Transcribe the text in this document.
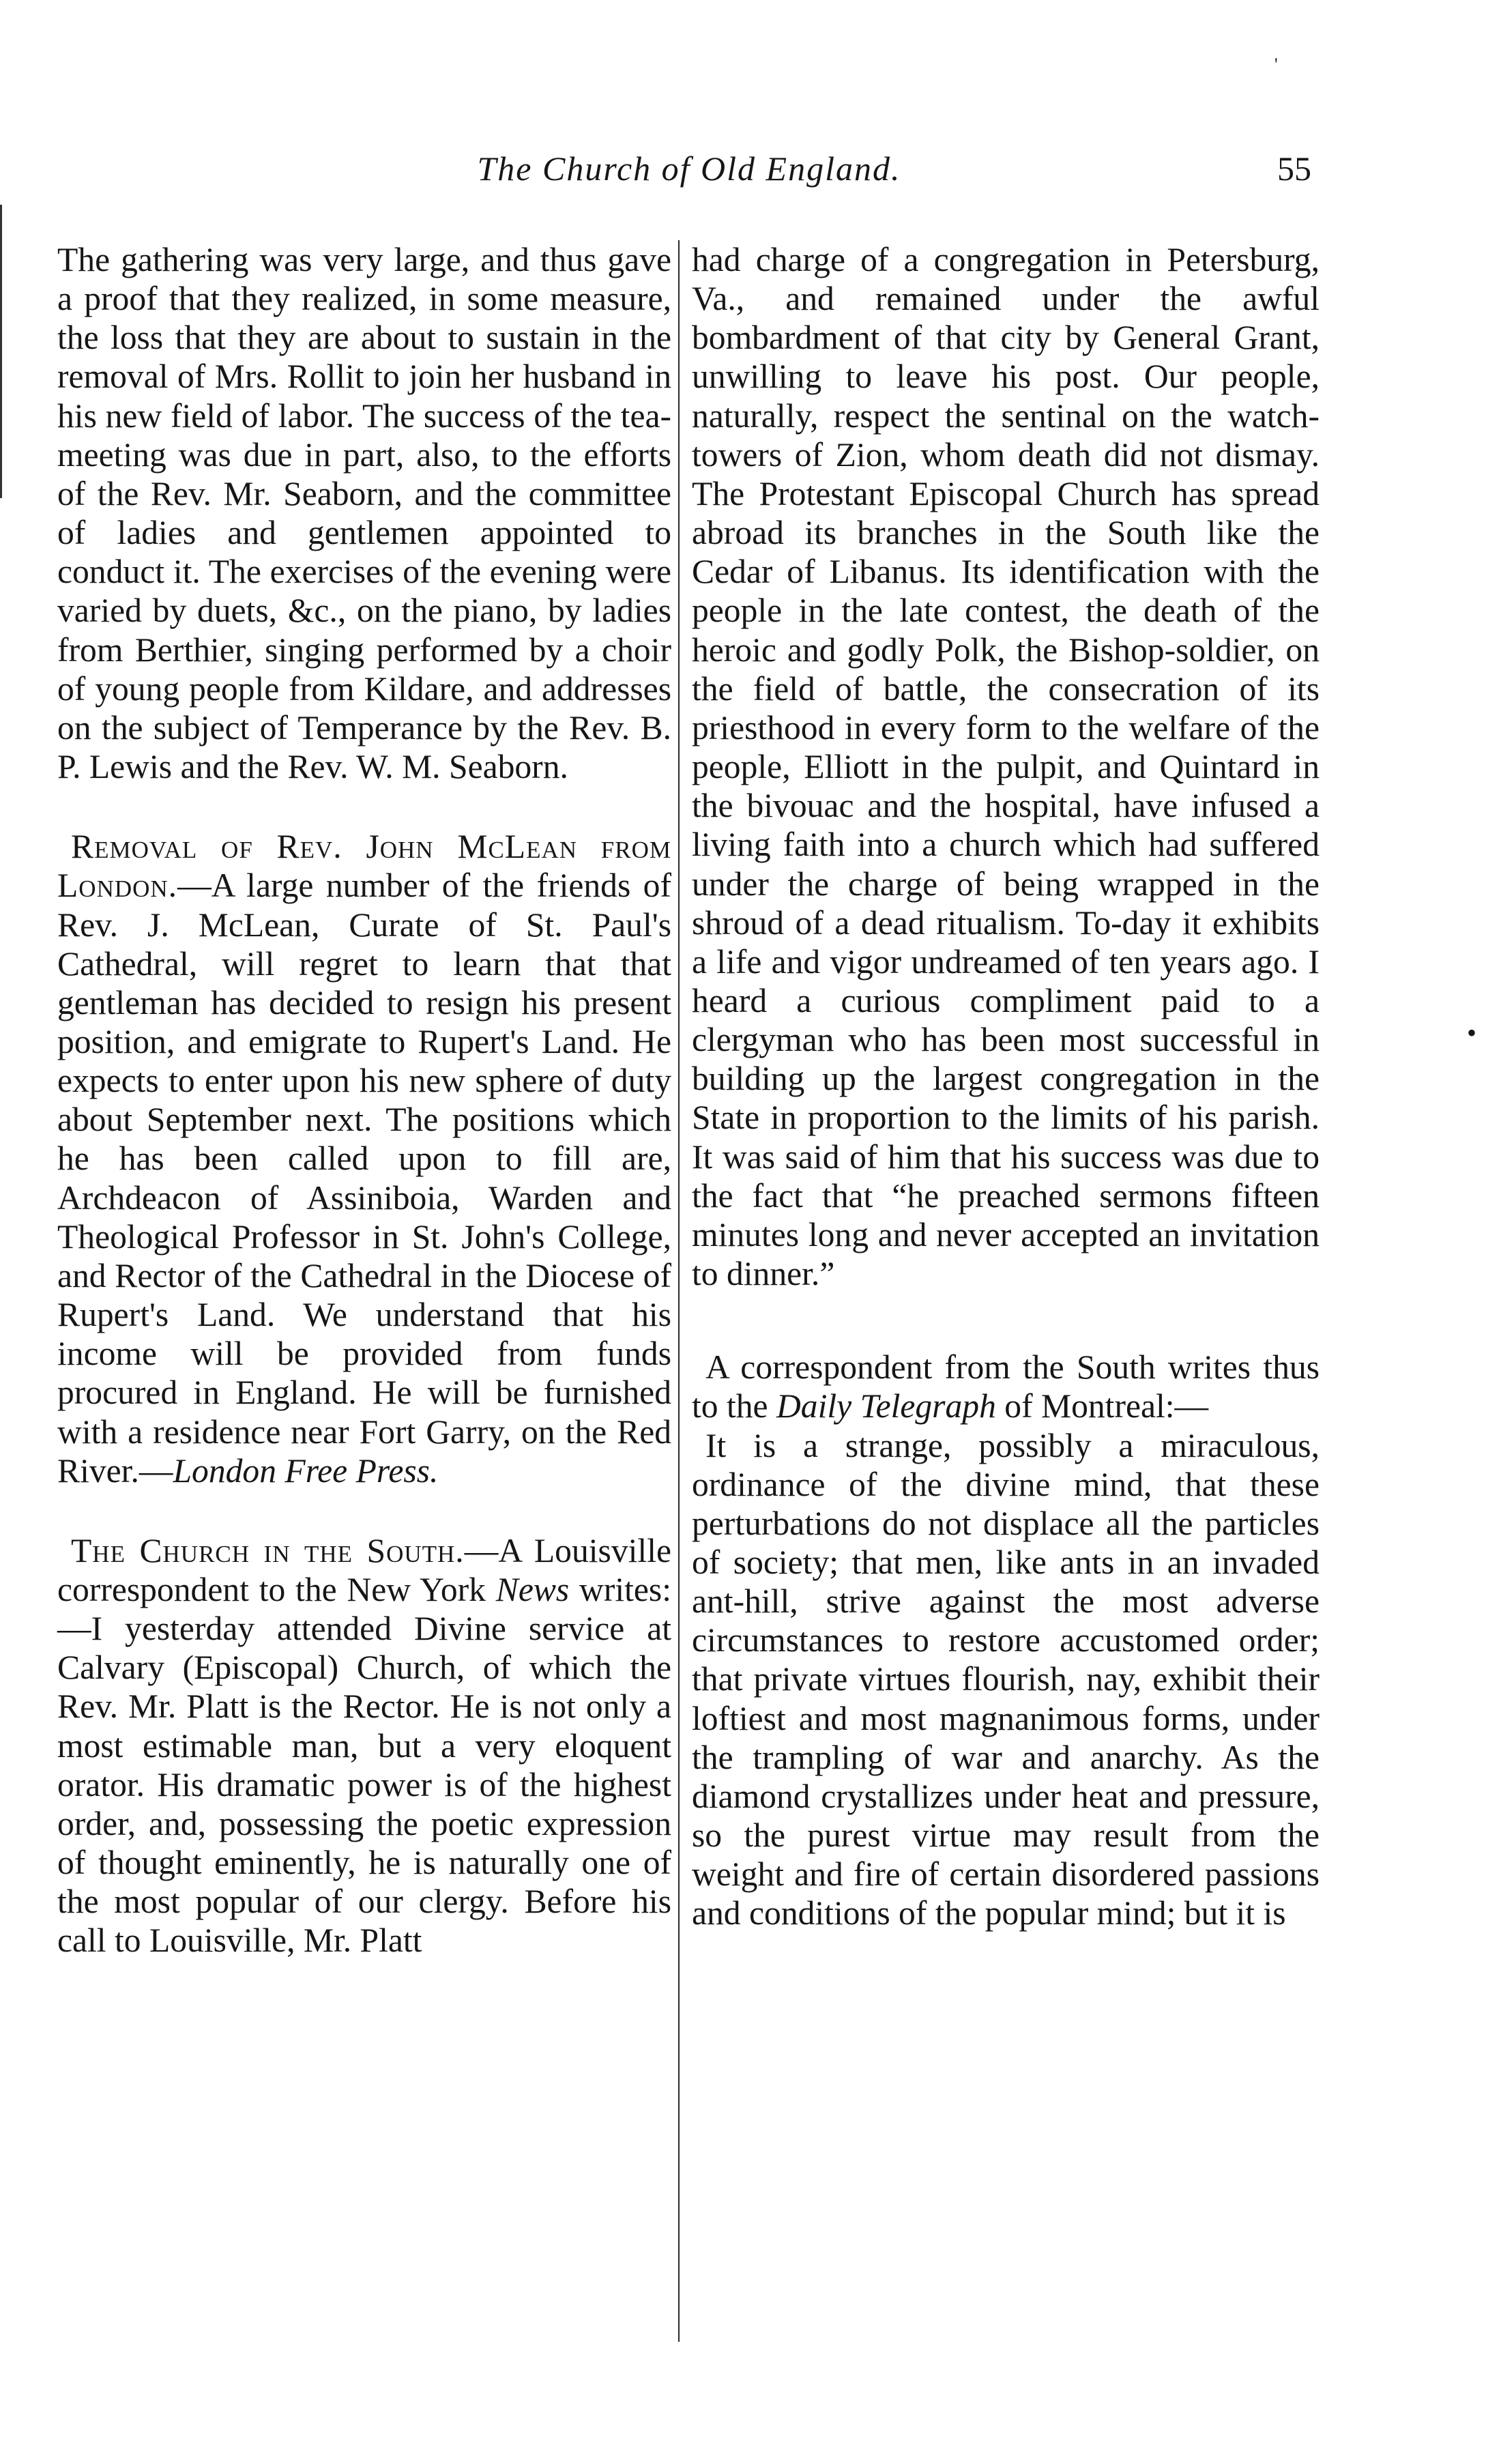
The Church of Old England.	55

The gathering was very large, and thus gave a proof that they realized, in some measure, the loss that they are about to sustain in the removal of Mrs. Rollit to join her husband in his new field of labor. The success of the tea-meeting was due in part, also, to the efforts of the Rev. Mr. Seaborn, and the committee of ladies and gentlemen appointed to conduct it. The exercises of the evening were varied by duets, &c., on the piano, by ladies from Berthier, singing performed by a choir of young people from Kildare, and addresses on the subject of Temperance by the Rev. B. P. Lewis and the Rev. W. M. Seaborn.

Removal of Rev. John McLean from London.—A large number of the friends of Rev. J. McLean, Curate of St. Paul's Cathedral, will regret to learn that that gentleman has decided to resign his present position, and emigrate to Rupert's Land. He expects to enter upon his new sphere of duty about September next. The positions which he has been called upon to fill are, Archdeacon of Assiniboia, Warden and Theological Professor in St. John's College, and Rector of the Cathedral in the Diocese of Rupert's Land. We understand that his income will be provided from funds procured in England. He will be furnished with a residence near Fort Garry, on the Red River.—London Free Press.

The Church in the South.—A Louisville correspondent to the New York News writes:—I yesterday attended Divine service at Calvary (Episcopal) Church, of which the Rev. Mr. Platt is the Rector. He is not only a most estimable man, but a very eloquent orator. His dramatic power is of the highest order, and, possessing the poetic expression of thought eminently, he is naturally one of the most popular of our clergy. Before his call to Louisville, Mr. Platt

had charge of a congregation in Petersburg, Va., and remained under the awful bombardment of that city by General Grant, unwilling to leave his post. Our people, naturally, respect the sentinal on the watch-towers of Zion, whom death did not dismay. The Protestant Episcopal Church has spread abroad its branches in the South like the Cedar of Libanus. Its identification with the people in the late contest, the death of the heroic and godly Polk, the Bishop-soldier, on the field of battle, the consecration of its priesthood in every form to the welfare of the people, Elliott in the pulpit, and Quintard in the bivouac and the hospital, have infused a living faith into a church which had suffered under the charge of being wrapped in the shroud of a dead ritualism. To-day it exhibits a life and vigor undreamed of ten years ago. I heard a curious compliment paid to a clergyman who has been most successful in building up the largest congregation in the State in proportion to the limits of his parish. It was said of him that his success was due to the fact that “he preached sermons fifteen minutes long and never accepted an invitation to dinner.”

A correspondent from the South writes thus to the Daily Telegraph of Montreal:—

It is a strange, possibly a miraculous, ordinance of the divine mind, that these perturbations do not displace all the particles of society; that men, like ants in an invaded ant-hill, strive against the most adverse circumstances to restore accustomed order; that private virtues flourish, nay, exhibit their loftiest and most magnanimous forms, under the trampling of war and anarchy. As the diamond crystallizes under heat and pressure, so the purest virtue may result from the weight and fire of certain disordered passions and conditions of the popular mind; but it is

•
'
